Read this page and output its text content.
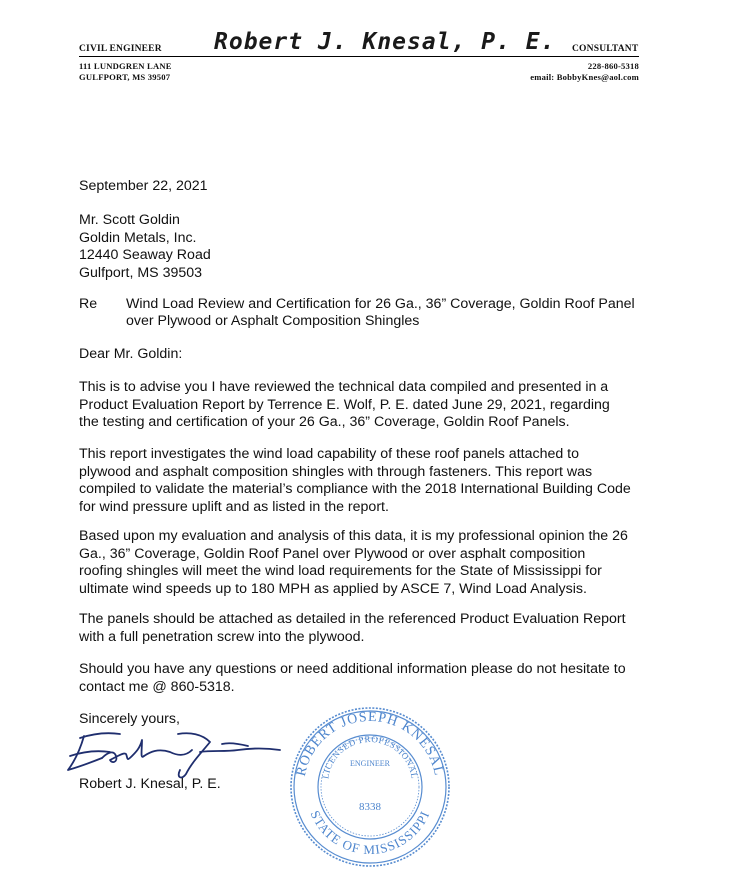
CIVIL ENGINEER Robert J. Knesal, P. E. CONSULTANT
111 LUNDGREN LANE
GULFPORT, MS 39507
228-860-5318
email: BobbyKnes@aol.com
September 22, 2021
Mr. Scott Goldin
Goldin Metals, Inc.
12440 Seaway Road
Gulfport, MS 39503
Re Wind Load Review and Certification for 26 Ga., 36” Coverage, Goldin Roof Panel
over Plywood or Asphalt Composition Shingles
Dear Mr. Goldin:
This is to advise you I have reviewed the technical data compiled and presented in a
Product Evaluation Report by Terrence E. Wolf, P. E. dated June 29, 2021, regarding
the testing and certification of your 26 Ga., 36” Coverage, Goldin Roof Panels.
This report investigates the wind load capability of these roof panels attached to
plywood and asphalt composition shingles with through fasteners. This report was
compiled to validate the material’s compliance with the 2018 International Building Code
for wind pressure uplift and as listed in the report.
Based upon my evaluation and analysis of this data, it is my professional opinion the 26
Ga., 36” Coverage, Goldin Roof Panel over Plywood or over asphalt composition
roofing shingles will meet the wind load requirements for the State of Mississippi for
ultimate wind speeds up to 180 MPH as applied by ASCE 7, Wind Load Analysis.
The panels should be attached as detailed in the referenced Product Evaluation Report
with a full penetration screw into the plywood.
Should you have any questions or need additional information please do not hesitate to
contact me @ 860-5318.
Sincerely yours,
Robert J. Knesal, P. E.
ROBERT JOSEPH KNESAL
STATE OF MISSISSIPPI
LICENSED PROFESSIONAL
ENGINEER
8338
